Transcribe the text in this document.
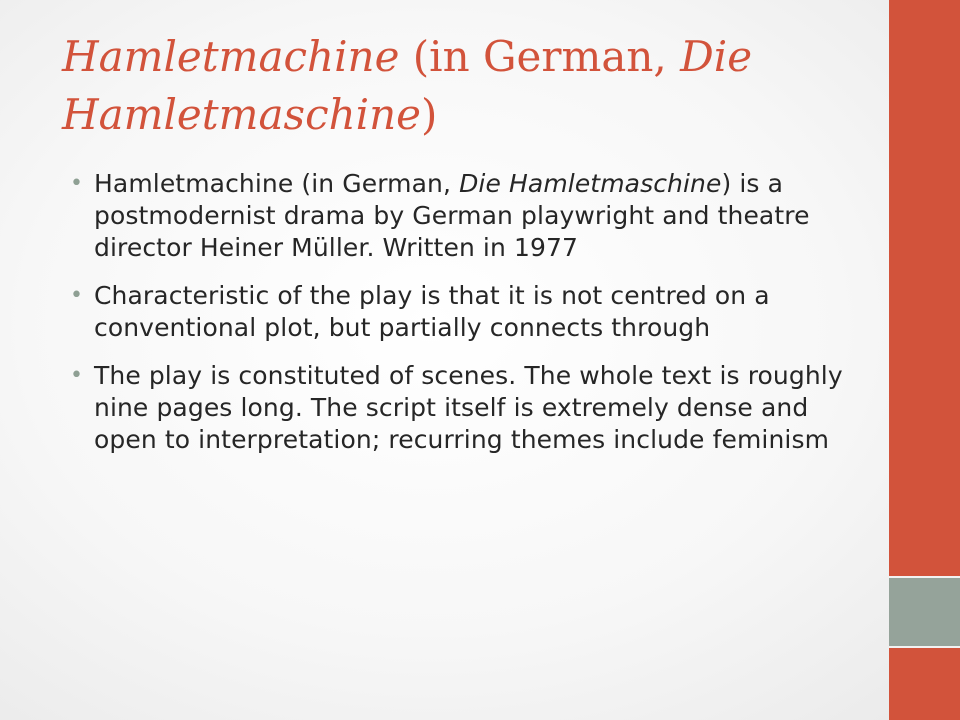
Hamletmachine (in German, Die Hamletmaschine)
• Hamletmachine (in German, Die Hamletmaschine) is a postmodernist drama by German playwright and theatre director Heiner Müller. Written in 1977
• Characteristic of the play is that it is not centred on a conventional plot, but partially connects through
• The play is constituted of scenes. The whole text is roughly nine pages long. The script itself is extremely dense and open to interpretation; recurring themes include feminism
